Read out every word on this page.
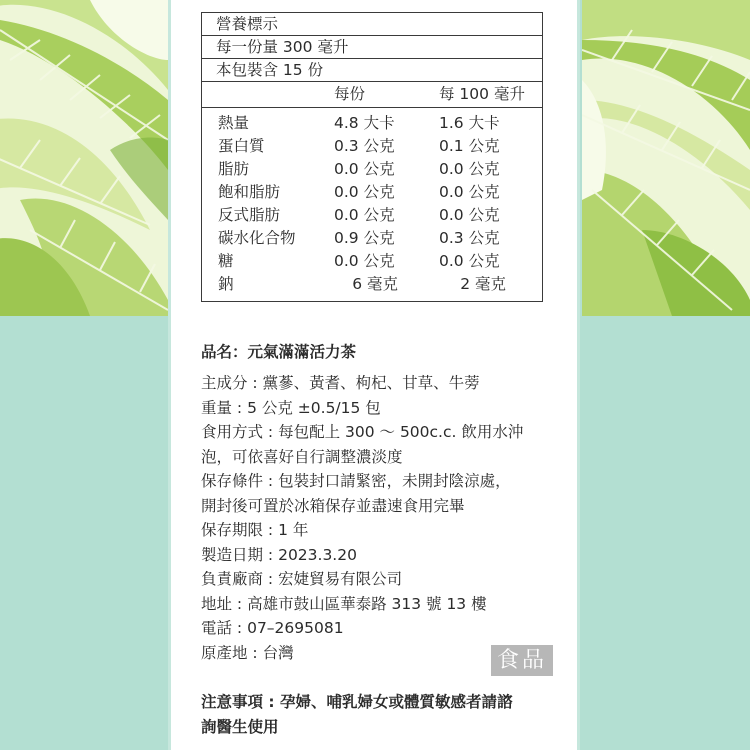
營養標示
每一份量 300 毫升
本包裝含 15 份
每份	每 100 毫升
熱量	4.8 大卡	1.6 大卡
蛋白質	0.3 公克	0.1 公克
脂肪	0.0 公克	0.0 公克
飽和脂肪	0.0 公克	0.0 公克
反式脂肪	0.0 公克	0.0 公克
碳水化合物 0.9 公克	0.3 公克
糖	0.0 公克	0.0 公克
鈉	6 毫克	2 毫克

品名：元氣滿滿活力茶

主成分 : 黨蔘、黃耆、枸杞、甘草、牛蒡

重量 : 5 公克 ±0.5/15 包

食用方式 : 每包配上 300 ～ 500c.c. 飲用水沖

泡，可依喜好自行調整濃淡度

保存條件 : 包裝封口請緊密，未開封陰涼處，

開封後可置於冰箱保存並盡速食用完畢

保存期限 : 1 年

製造日期 : 2023.3.20

負責廠商 : 宏婕貿易有限公司

地址 : 高雄市鼓山區華泰路 313 號 13 樓

電話 : 07–2695081

原產地 : 台灣	食品

注意事項 : 孕婦、哺乳婦女或體質敏感者請諮

詢醫生使用
